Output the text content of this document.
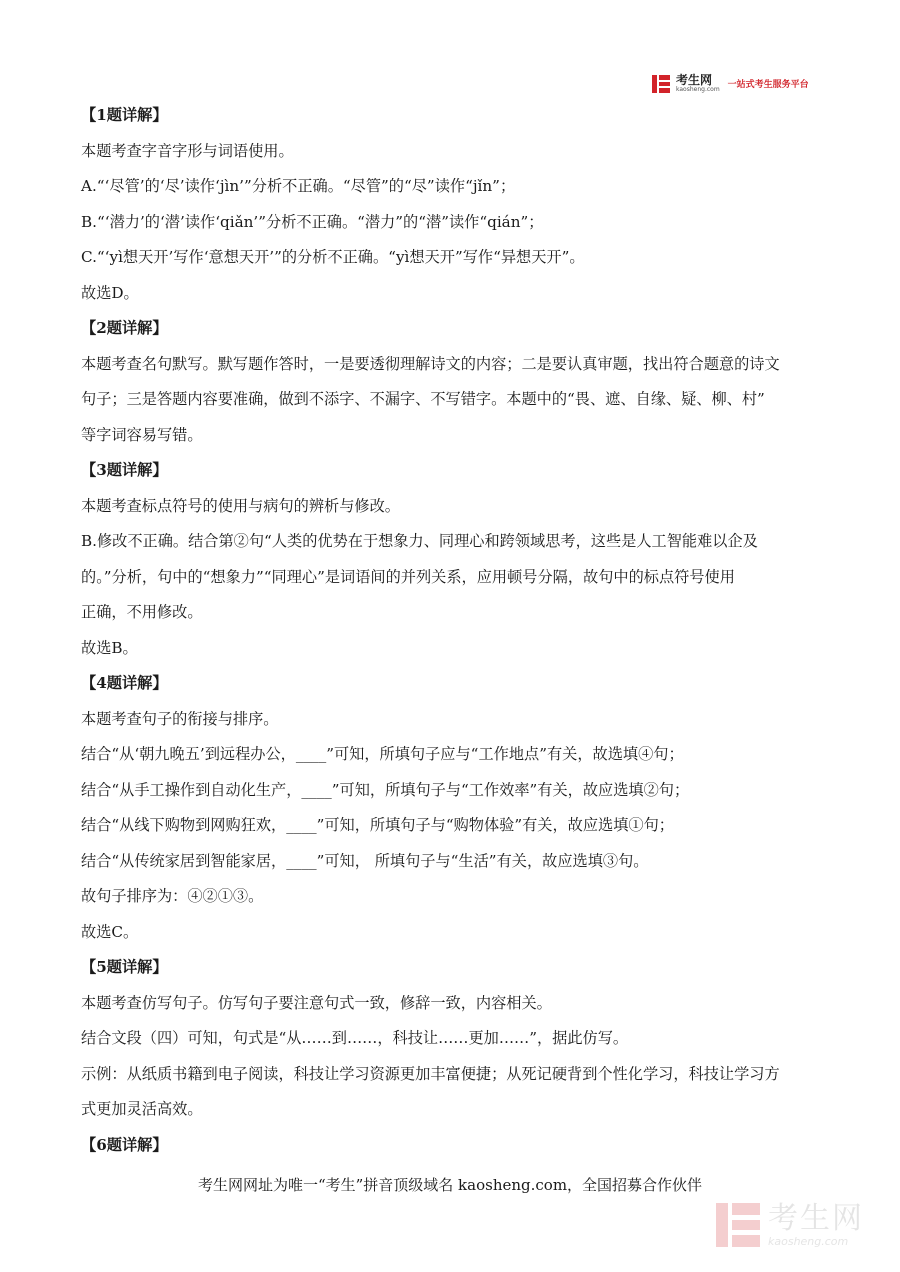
考生网
kaosheng.com 一站式考生服务平台
【1题详解】
本题考查字音字形与词语使用。
A.“‘尽管’的‘尽’读作‘jìn’”分析不正确。“尽管”的“尽”读作“jǐn”；
B.“‘潜力’的‘潜’读作‘qiǎn’”分析不正确。“潜力”的“潜”读作“qián”；
C.“‘yì想天开’写作‘意想天开’”的分析不正确。“yì想天开”写作“异想天开”。
故选D。
【2题详解】
本题考查名句默写。默写题作答时，一是要透彻理解诗文的内容；二是要认真审题，找出符合题意的诗文
句子；三是答题内容要准确，做到不添字、不漏字、不写错字。本题中的“畏、遮、自缘、疑、柳、村”
等字词容易写错。
【3题详解】
本题考查标点符号的使用与病句的辨析与修改。
B.修改不正确。结合第②句“人类的优势在于想象力、同理心和跨领域思考，这些是人工智能难以企及
的。”分析，句中的“想象力”“同理心”是词语间的并列关系，应用顿号分隔，故句中的标点符号使用
正确，不用修改。
故选B。
【4题详解】
本题考查句子的衔接与排序。
结合“从‘朝九晚五’到远程办公，____”可知，所填句子应与“工作地点”有关，故选填④句；
结合“从手工操作到自动化生产，____”可知，所填句子与“工作效率”有关，故应选填②句；
结合“从线下购物到网购狂欢，____”可知，所填句子与“购物体验”有关，故应选填①句；
结合“从传统家居到智能家居，____”可知， 所填句子与“生活”有关，故应选填③句。
故句子排序为：④②①③。
故选C。
【5题详解】
本题考查仿写句子。仿写句子要注意句式一致，修辞一致，内容相关。
结合文段（四）可知，句式是“从……到……，科技让……更加……”，据此仿写。
示例：从纸质书籍到电子阅读，科技让学习资源更加丰富便捷；从死记硬背到个性化学习，科技让学习方
式更加灵活高效。
【6题详解】
考生网网址为唯一“考生”拼音顶级域名 kaosheng.com，全国招募合作伙伴
考生网
kaosheng.com
